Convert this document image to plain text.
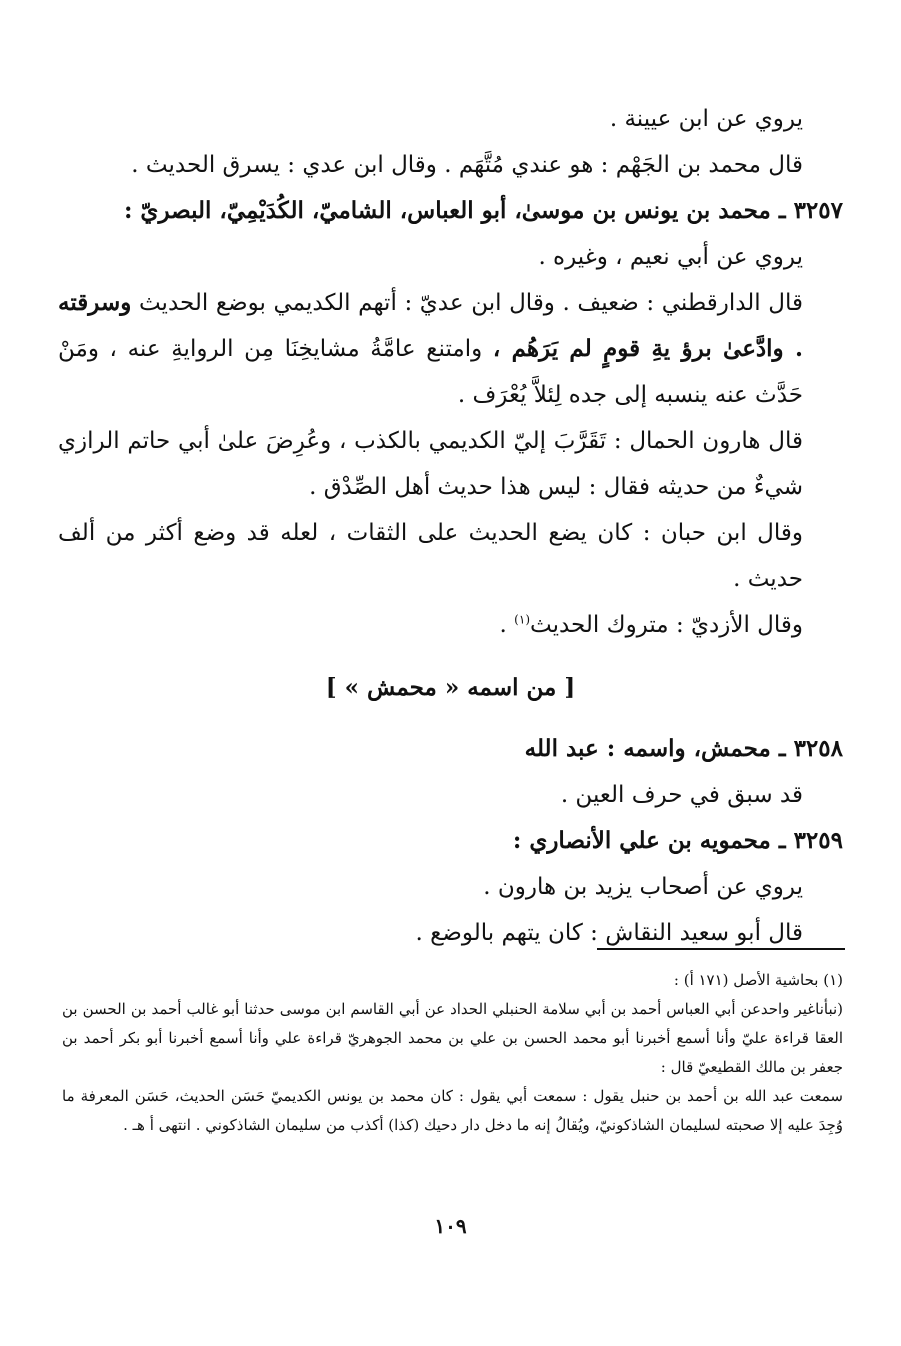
يروي عن ابن عيينة .

قال محمد بن الجَهْم : هو عندي مُتَّهَم . وقال ابن عدي : يسرق الحديث .

٣٢٥٧ ـ محمد بن يونس بن موسىٰ، أبو العباس، الشاميّ، الكُدَيْمِيّ، البصريّ :

يروي عن أبي نعيم ، وغيره .

قال الدارقطني : ضعيف . وقال ابن عديّ : أتهم الكديمي بوضع الحديث وسرقته . وادَّعىٰ برؤ يةِ قومٍ لم يَرَهُم ، وامتنع عامَّةُ مشايخِنَا مِن الروايةِ عنه ، ومَنْ حَدَّث عنه ينسبه إلى جده لِئلاَّ يُعْرَف .

قال هارون الحمال : تَقَرَّبَ إليّ الكديمي بالكذب ، وعُرِضَ علىٰ أبي حاتم الرازي شيءٌ من حديثه فقال : ليس هذا حديث أهل الصِّدْق .

وقال ابن حبان : كان يضع الحديث على الثقات ، لعله قد وضع أكثر من ألف حديث .

وقال الأزديّ : متروك الحديث$^{(١)}$ .

[ من اسمه « محمش » ]

٣٢٥٨ ـ محمش، واسمه : عبد الله

قد سبق في حرف العين .

٣٢٥٩ ـ محمويه بن علي الأنصاري :

يروي عن أصحاب يزيد بن هارون .

قال أبو سعيد النقاش : كان يتهم بالوضع .

(١) بحاشية الأصل (١٧١ أ) :

(نبأناغير واحدعن أبي العباس أحمد بن أبي سلامة الحنبلي الحداد عن أبي القاسم ابن موسى حدثنا أبو غالب أحمد بن الحسن بن العقا قراءة عليّ وأنا أسمع أخبرنا أبو محمد الحسن بن علي بن محمد الجوهريّ قراءة علي وأنا أسمع أخبرنا أبو بكر أحمد بن جعفر بن مالك القطيعيّ قال :

سمعت عبد الله بن أحمد بن حنبل يقول : سمعت أبي يقول : كان محمد بن يونس الكديميّ حَسَن الحديث، حَسَن المعرفة ما وُجِدَ عليه إلا صحبته لسليمان الشاذكونيّ، ويُقالُ إنه ما دخل دار دحيك (كذا) أكذب من سليمان الشاذكوني . انتهى أ هـ .

١٠٩
